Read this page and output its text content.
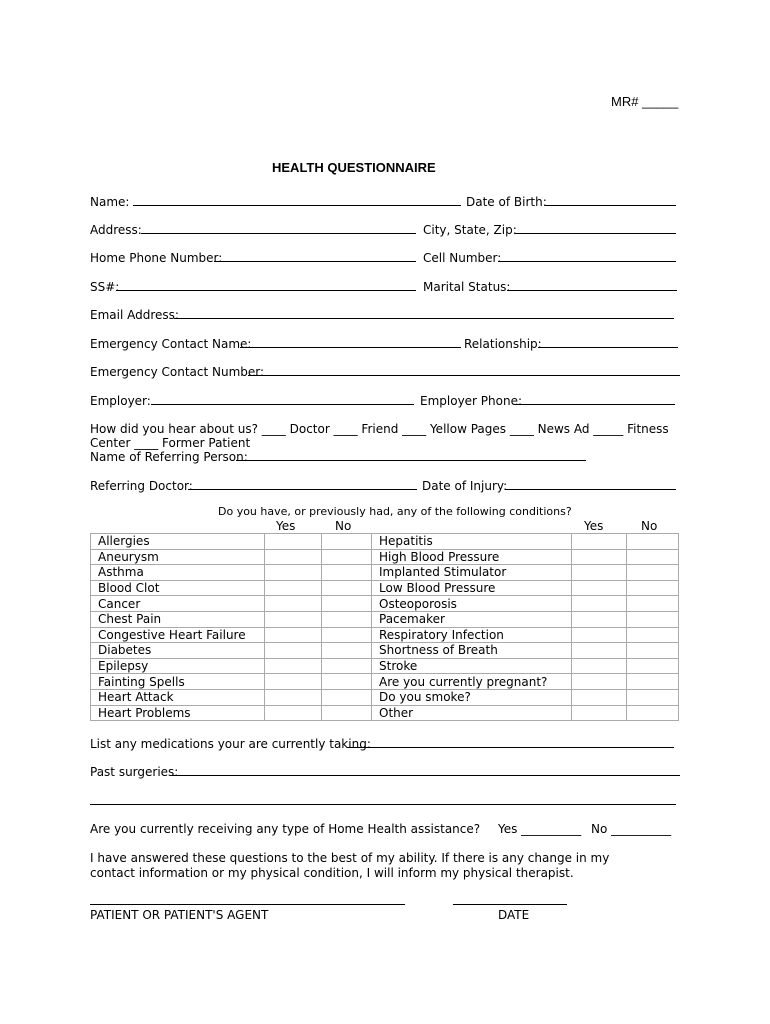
MR# _____
HEALTH QUESTIONNAIRE
Name:	Date of Birth:
Address:	City, State, Zip:
Home Phone Number:	Cell Number:
SS#:	Marital Status:
Email Address:
Emergency Contact Name:	Relationship:
Emergency Contact Number:
Employer:	Employer Phone:
How did you hear about us? ____ Doctor ____ Friend ____ Yellow Pages ____ News Ad _____ Fitness
Center ____ Former Patient
Name of Referring Person:
Referring Doctor:	Date of Injury:
Do you have, or previously had, any of the following conditions?
Yes	No	Yes	No
Allergies			Hepatitis		
Aneurysm			High Blood Pressure		
Asthma			Implanted Stimulator		
Blood Clot			Low Blood Pressure		
Cancer			Osteoporosis		
Chest Pain			Pacemaker		
Congestive Heart Failure			Respiratory Infection		
Diabetes			Shortness of Breath		
Epilepsy			Stroke		
Fainting Spells			Are you currently pregnant?		
Heart Attack			Do you smoke?		
Heart Problems			Other		
List any medications your are currently taking:
Past surgeries:
Are you currently receiving any type of Home Health assistance? Yes __________ No __________
I have answered these questions to the best of my ability. If there is any change in my contact information or my physical condition, I will inform my physical therapist.
PATIENT OR PATIENT'S AGENT	DATE
